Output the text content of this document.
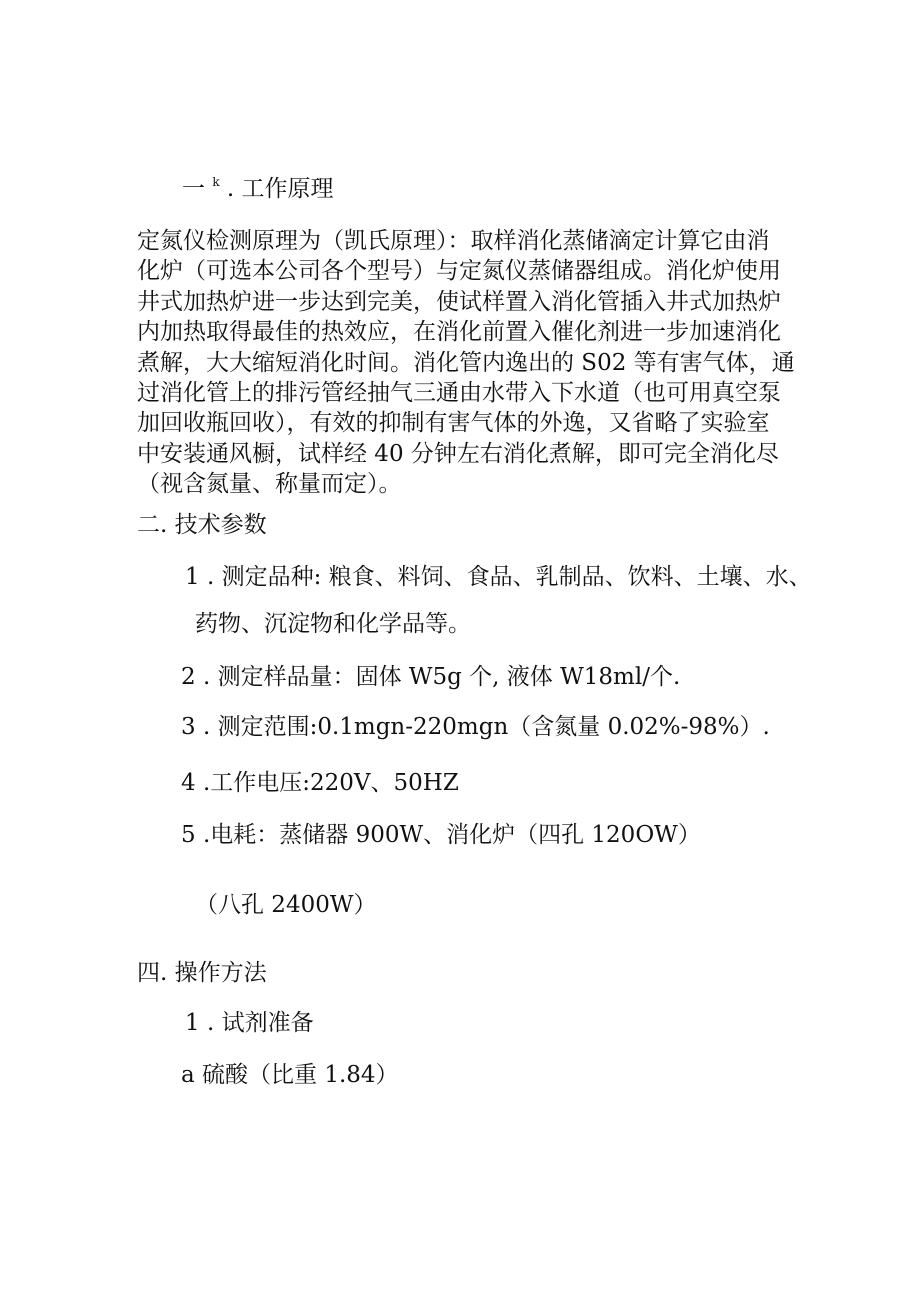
一 $^k$ . 工作原理
定氮仪检测原理为（凯氏原理）：取样消化蒸储滴定计算它由消
化炉（可选本公司各个型号）与定氮仪蒸储器组成。消化炉使用
井式加热炉进一步达到完美，使试样置入消化管插入井式加热炉
内加热取得最佳的热效应，在消化前置入催化剂进一步加速消化
煮解，大大缩短消化时间。消化管内逸出的 S02 等有害气体，通
过消化管上的排污管经抽气三通由水带入下水道（也可用真空泵
加回收瓶回收），有效的抑制有害气体的外逸，又省略了实验室
中安装通风橱，试样经 40 分钟左右消化煮解，即可完全消化尽
（视含氮量、称量而定）。
二. 技术参数
1 . 测定品种: 粮食、料饲、食品、乳制品、饮料、土壤、水、
药物、沉淀物和化学品等。
2 . 测定样品量：固体 W5g 个, 液体 W18ml/个.
3 . 测定范围:0.1mgn-220mgn（含氮量 0.02%-98%）.
4 .工作电压:220V、50HZ
5 .电耗：蒸储器 900W、消化炉（四孔 120OW）
（八孔 2400W）
四. 操作方法
1 . 试剂准备
a 硫酸（比重 1.84）
